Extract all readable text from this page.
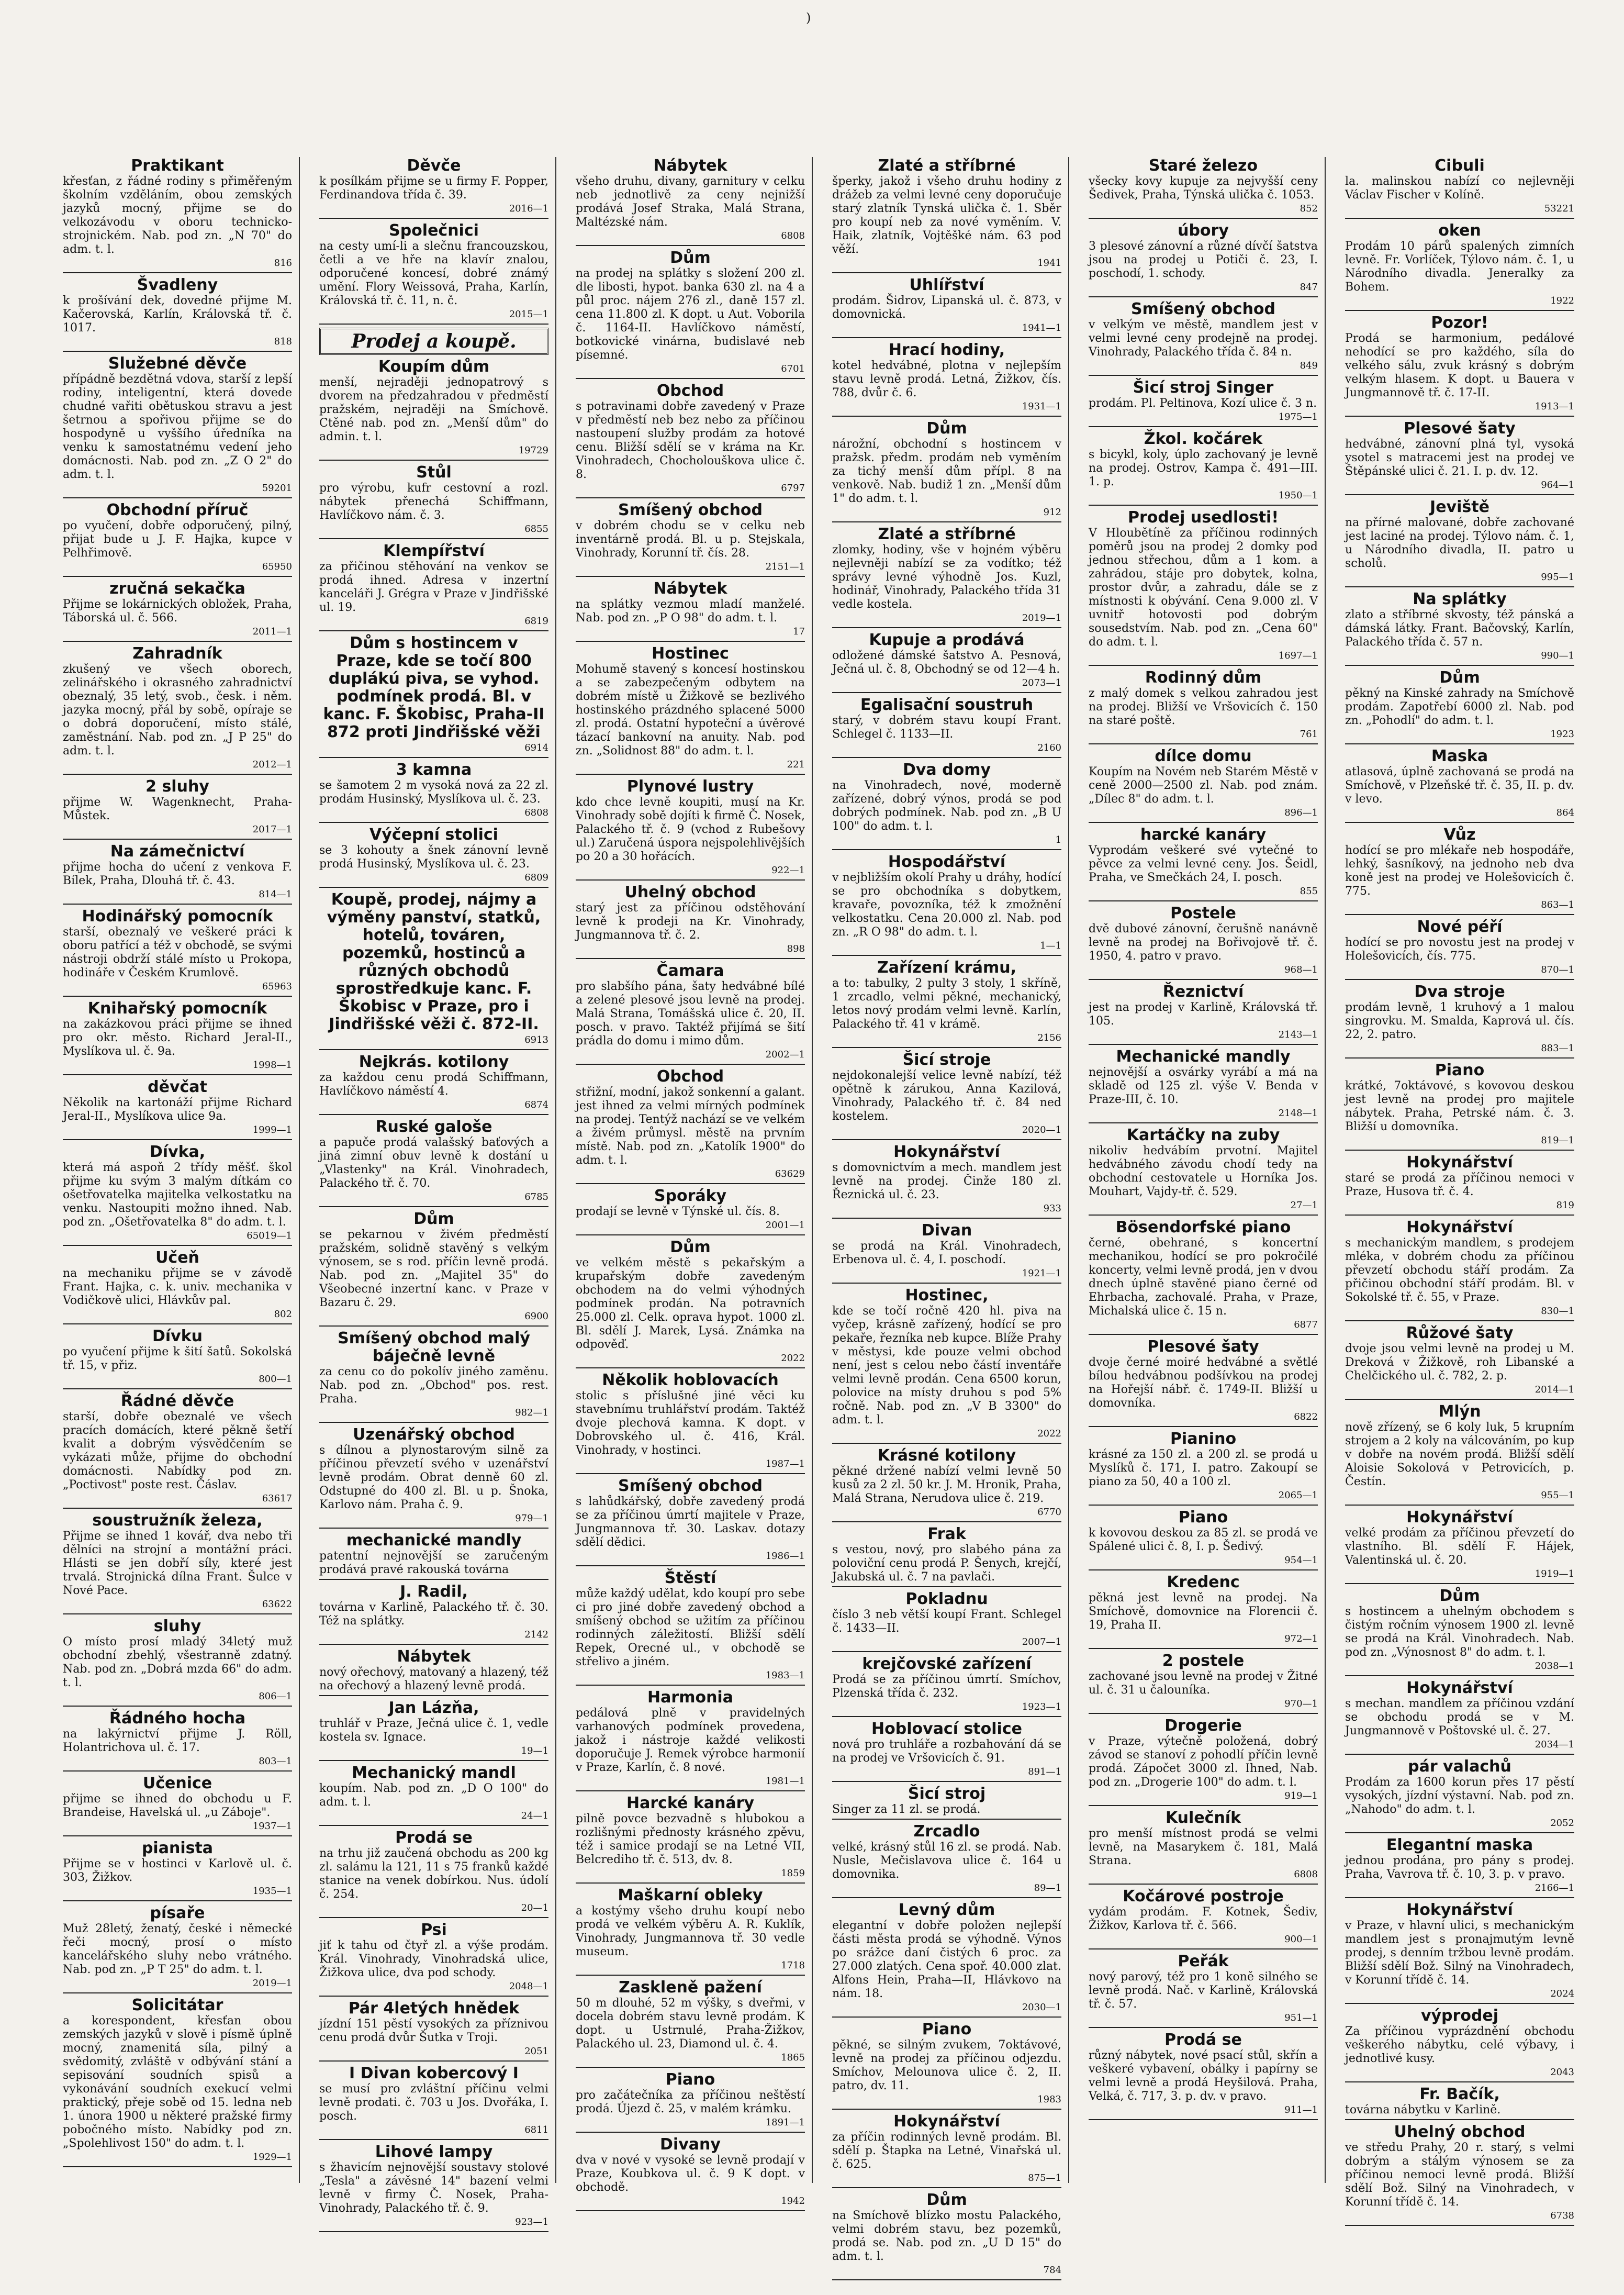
)
Praktikant

křesťan, z řádné rodiny s přiměřeným školním vzděláním, obou zemských jazyků mocný, přijme se do velkozávodu v oboru technicko-strojnickém. Nab. pod zn. „N 70" do adm. t. l.

816
Švadleny

k prošívání dek, dovedné přijme M. Kačerovská, Karlín, Královská tř. č. 1017.

818
Služebné děvče

přípádně bezdětná vdova, starší z lepší rodiny, inteligentní, která dovede chudné vařiti obětuskou stravu a jest šetrnou a spořivou přijme se do hospodyně u vyššího úředníka na venku k samostatnému vedení jeho domácnosti. Nab. pod zn. „Z O 2" do adm. t. l.

59201
Obchodní příruč

po vyučení, dobře odporučený, pilný, přijat bude u J. F. Hajka, kupce v Pelhřimově.

65950
zručná sekačka

Přijme se lokárnických obložek, Praha, Táborská ul. č. 566.

2011—1
Zahradník

zkušený ve všech oborech, zelinářského i okrasného zahradnictví obeznalý, 35 letý, svob., česk. i něm. jazyka mocný, přál by sobě, opíraje se o dobrá doporučení, místo stálé, zaměstnání. Nab. pod zn. „J P 25" do adm. t. l.

2012—1
2 sluhy

přijme W. Wagenknecht, Praha-Můstek.

2017—1
Na zámečnictví

přijme hocha do učení z venkova F. Bílek, Praha, Dlouhá tř. č. 43.

814—1
Hodinářský pomocník

starší, obeznalý ve veškeré práci k oboru patřící a též v obchodě, se svými nástroji obdrží stálé místo u Prokopa, hodináře v Českém Krumlově.

65963
Knihařský pomocník

na zakázkovou práci přijme se ihned pro okr. město. Richard Jeral-II., Myslíkova ul. č. 9a.

1998—1
děvčat

Několik na kartonáží přijme Richard Jeral-II., Myslíkova ulice 9a.

1999—1
Dívka,

která má aspoň 2 třídy měšť. škol přijme ku svým 3 malým dítkám co ošetřovatelka majitelka velkostatku na venku. Nastoupiti možno ihned. Nab. pod zn. „Ošetřovatelka 8" do adm. t. l.

65019—1
Učeň

na mechaniku přijme se v závodě Frant. Hajka, c. k. univ. mechanika v Vodičkově ulici, Hlávkův pal.

802
Dívku

po vyučení přijme k šití šatů. Sokolská tř. 15, v přiz.

800—1
Řádné děvče

starší, dobře obeznalé ve všech pracích domácích, které pěkně šetří kvalit a dobrým výsvědčením se vykázati může, přijme do obchodní domácnosti. Nabídky pod zn. „Poctivost" poste rest. Čáslav.

63617
soustružník železa,

Přijme se ihned 1 kovář, dva nebo tři dělníci na strojní a montážní práci. Hlásti se jen dobří síly, které jest trvalá. Strojnická dílna Frant. Šulce v Nové Pace.

63622
sluhy

O místo prosí mladý 34letý muž obchodní zbehlý, všestranně zdatný. Nab. pod zn. „Dobrá mzda 66" do adm. t. l.

806—1
Řádného hocha

na lakýrnictví přijme J. Röll, Holantrichova ul. č. 17.

803—1
Učenice

přijme se ihned do obchodu u F. Brandeise, Havelská ul. „u Záboje".

1937—1
pianista

Přijme se v hostinci v Karlově ul. č. 303, Žižkov.

1935—1
písaře

Muž 28letý, ženatý, české i německé řeči mocný, prosí o místo kancelářského sluhy nebo vrátného. Nab. pod zn. „P T 25" do adm. t. l.

2019—1
Solicitátar

a korespondent, křesťan obou zemských jazyků v slově i písmě úplně mocný, znamenitá síla, pilný a svědomitý, zvláště v odbývání stání a sepisování soudních spisů a vykonávání soudních exekucí velmi praktický, přeje sobě od 15. ledna neb 1. února 1900 u některé pražské firmy pobočného místo. Nabídky pod zn. „Spolehlivost 150" do adm. t. l.

1929—1
Děvče

k posílkám přijme se u firmy F. Popper, Ferdinandova třída č. 39.

2016—1
Společnici

na cesty umí-li a slečnu francouzskou, četli a ve hře na klavír znalou, odporučené koncesí, dobré známý umění. Flory Weissová, Praha, Karlín, Královská tř. č. 11, n. č.

2015—1
Prodej a koupě.
Koupím dům

menší, nejraději jednopatrový s dvorem na předzahradou v předměstí pražském, nejraději na Smíchově. Ctěné nab. pod zn. „Menší dům" do admin. t. l.

19729
Stůl

pro výrobu, kufr cestovní a rozl. nábytek přenechá Schiffmann, Havlíčkovo nám. č. 3.

6855
Klempířství

za přičinou stěhování na venkov se prodá ihned. Adresa v inzertní kanceláři J. Grégra v Praze v Jindřišské ul. 19.

6819
Dům s hostincem v Praze, kde se točí 800 duplákú piva, se vyhod. podmínek prodá. Bl. v kanc. F. Škobisc, Praha-II 872 proti Jindřišské věži
6914
3 kamna

se šamotem 2 m vysoká nová za 22 zl. prodám Husinský, Myslíkova ul. č. 23.

6808
Výčepní stolici

se 3 kohouty a šnek zánovní levně prodá Husinský, Myslíkova ul. č. 23.

6809
Koupě, prodej, nájmy a výměny panství, statků, hotelů, továren, pozemků, hostinců a různých obchodů sprostředkuje kanc. F. Škobisc v Praze, pro i Jindřišské věži č. 872-II.
6913
Nejkrás. kotilony

za každou cenu prodá Schiffmann, Havlíčkovo náměstí 4.

6874
Ruské galoše

a papuče prodá valašský baťových a jiná zimní obuv levně k dostání u „Vlastenky" na Král. Vinohradech, Palackého tř. č. 70.

6785
Dům

se pekarnou v živém předměstí pražském, solidně stavěný s velkým výnosem, se s rod. příčin levně prodá. Nab. pod zn. „Majitel 35" do Všeobecné inzertní kanc. v Praze v Bazaru č. 29.

6900
Smíšený obchod malý báječně levně

za cenu co do pokolív jiného zaměnu. Nab. pod zn. „Obchod" pos. rest. Praha.

982—1
Uzenářský obchod

s dílnou a plynostarovým silně za příčinou převzetí svého v uzenářství levně prodám. Obrat denně 60 zl. Odstupné do 400 zl. Bl. u p. Šnoka, Karlovo nám. Praha č. 9.

979—1
mechanické mandly

patentní nejnovější se zaručeným prodává pravé rakouská továrna

J. Radil,

továrna v Karlině, Palackého tř. č. 30. Též na splátky.

2142
Nábytek

nový ořechový, matovaný a hlazený, též na ořechový a hlazený levně prodá.

Jan Lázňa,

truhlář v Praze, Ječná ulice č. 1, vedle kostela sv. Ignace.

19—1
Mechanický mandl

koupím. Nab. pod zn. „D O 100" do adm. t. l.

24—1
Prodá se

na trhu již zaučená obchodu as 200 kg zl. salámu la 121, 11 s 75 franků každé stanice na venek dobírkou. Nus. údolí č. 254.

20—1
Psi

jiť k tahu od čtyř zl. a výše prodám. Král. Vinohrady, Vinohradská ulice, Žižkova ulice, dva pod schody.

2048—1
Pár 4letých hnědek

jízdní 151 pěstí vysokých za příznivou cenu prodá dvůr Šutka v Troji.

2051
I Divan kobercový I

se musí pro zvláštní příčinu velmi levně prodati. č. 703 u Jos. Dvořáka, I. posch.

6811
Lihové lampy

s žhavicím nejnovější soustavy stolové „Tesla" a závěsné 14" bazení velmi levně v firmy Č. Nosek, Praha-Vinohrady, Palackého tř. č. 9.

923—1
Nábytek

všeho druhu, divany, garnitury v celku neb jednotlivě za ceny nejnižší prodává Josef Straka, Malá Strana, Maltézské nám.

6808
Dům

na prodej na splátky s složení 200 zl. dle libosti, hypot. banka 630 zl. na 4 a půl proc. nájem 276 zl., daně 157 zl. cena 11.800 zl. K dopt. u Aut. Voborila č. 1164-II. Havlíčkovo náměstí, botkovické vinárna, budislavé neb písemné.

6701
Obchod

s potravinami dobře zavedený v Praze v předměstí neb bez nebo za příčinou nastoupení služby prodám za hotové cenu. Bližší sdělí se v kráma na Kr. Vinohradech, Chocholouškova ulice č. 8.

6797
Smíšený obchod

v dobrém chodu se v celku neb inventárně prodá. Bl. u p. Stejskala, Vinohrady, Korunní tř. čís. 28.

2151—1
Nábytek

na splátky vezmou mladí manželé. Nab. pod zn. „P O 98" do adm. t. l.

17
Hostinec

Mohumě stavený s koncesí hostinskou a se zabezpečeným odbytem na dobrém místě u Žižkově se bezlivého hostinského prázdného splacené 5000 zl. prodá. Ostatní hypoteční a úvěrové tázací bankovní na anuity. Nab. pod zn. „Solidnost 88" do adm. t. l.

221
Plynové lustry

kdo chce levně koupiti, musí na Kr. Vinohrady sobě dojíti k firmě Č. Nosek, Palackého tř. č. 9 (vchod z Rubešovy ul.) Zaručená úspora nejspolehlivějších po 20 a 30 hořácích.

922—1
Uhelný obchod

starý jest za příčinou odstěhování levně k prodeji na Kr. Vinohrady, Jungmannova tř. č. 2.

898
Čamara

pro slabšího pána, šaty hedvábné bílé a zelené plesové jsou levně na prodej. Malá Strana, Tomášská ulice č. 20, II. posch. v pravo. Taktéž přijímá se šití prádla do domu i mimo dům.

2002—1
Obchod

střižní, modní, jakož sonkenní a galant. jest ihned za velmi mírných podmínek na prodej. Tentýž nachází se ve velkém a živém průmysl. městě na prvním místě. Nab. pod zn. „Katolík 1900" do adm. t. l.

63629
Sporáky

prodají se levně v Týnské ul. čís. 8.

2001—1
Dům

ve velkém městě s pekařským a krupařským dobře zavedeným obchodem na do velmi výhodných podmínek prodán. Na potravních 25.000 zl. Celk. oprava hypot. 1000 zl. Bl. sdělí J. Marek, Lysá. Známka na odpověď.

2022
Několik hoblovacích

stolic s příslušné jiné věci ku stavebnímu truhlářství prodám. Taktéž dvoje plechová kamna. K dopt. v Dobrovského ul. č. 416, Král. Vinohrady, v hostinci.

1987—1
Smíšený obchod

s lahůdkářský, dobře zavedený prodá se za příčinou úmrtí majitele v Praze, Jungmannova tř. 30. Laskav. dotazy sdělí dědici.

1986—1
Štěstí

může každý udělat, kdo koupí pro sebe ci pro jiné dobře zavedený obchod a smíšený obchod se užitím za příčinou rodinných záležitostí. Bližší sdělí Repek, Orecné ul., v obchodě se střelivo a jiném.

1983—1
Harmonia

pedálová plně v pravidelných varhanových podmínek provedena, jakož i nástroje každé velikosti doporučuje J. Remek výrobce harmonií v Praze, Karlín, č. 8 nové.

1981—1
Harcké kanáry

pilně povce bezvadně s hlubokou a rozlišnými přednosty krásného zpěvu, též i samice prodají se na Letné VII, Belcrediho tř. č. 513, dv. 8.

1859
Maškarní obleky

a kostýmy všeho druhu koupí nebo prodá ve velkém výběru A. R. Kuklík, Vinohrady, Jungmannova tř. 30 vedle museum.

1718
Zaskleně pažení

50 m dlouhé, 52 m výšky, s dveřmi, v docela dobrém stavu levně prodám. K dopt. u Ustrnulé, Praha-Žižkov, Palackého ul. 23, Diamond ul. č. 4.

1865
Piano

pro začátečníka za příčinou neštěstí prodá. Újezd č. 25, v malém krámku.

1891—1
Divany

dva v nové v vysoké se levně prodají v Praze, Koubkova ul. č. 9 K dopt. v obchodě.

1942
Zlaté a stříbrné

šperky, jakož i všeho druhu hodiny z drážeb za velmi levné ceny doporučuje starý zlatník Tynská ulička č. 1. Sběr pro koupí neb za nové vyměním. V. Haik, zlatník, Vojtěšké nám. 63 pod věží.

1941
Uhlířství

prodám. Šidrov, Lipanská ul. č. 873, v domovnická.

1941—1
Hrací hodiny,

kotel hedvábné, plotna v nejlepším stavu levně prodá. Letná, Žižkov, čís. 788, dvůr č. 6.

1931—1
Dům

nárožní, obchodní s hostincem v pražsk. předm. prodám neb vyměním za tichý menší dům přípl. 8 na venkově. Nab. budiž 1 zn. „Menší dům 1" do adm. t. l.

912
Zlaté a stříbrné

zlomky, hodiny, vše v hojném výběru nejlevněji nabízí se za vodítko; též správy levné výhodně Jos. Kuzl, hodinář, Vinohrady, Palackého třída 31 vedle kostela.

2019—1
Kupuje a prodává

odložené dámské šatstvo A. Pesnová, Ječná ul. č. 8, Obchodný se od 12—4 h.

2073—1
Egalisační soustruh

starý, v dobrém stavu koupí Frant. Schlegel č. 1133—II.

2160
Dva domy

na Vinohradech, nové, moderně zařízené, dobrý výnos, prodá se pod dobrých podmínek. Nab. pod zn. „B U 100" do adm. t. l.

1
Hospodářství

v nejbližším okolí Prahy u dráhy, hodící se pro obchodníka s dobytkem, kravaře, povozníka, též k zmožnění velkostatku. Cena 20.000 zl. Nab. pod zn. „R O 98" do adm. t. l.

1—1
Zařízení krámu,

a to: tabulky, 2 pulty 3 stoly, 1 skříně, 1 zrcadlo, velmi pěkné, mechanický, letos nový prodám velmi levně. Karlín, Palackého tř. 41 v krámě.

2156
Šicí stroje

nejdokonalejší velice levně nabízí, též opětně k zárukou, Anna Kazilová, Vinohrady, Palackého tř. č. 84 ned kostelem.

2020—1
Hokynářství

s domovnictvím a mech. mandlem jest levně na prodej. Činže 180 zl. Řeznická ul. č. 23.

933
Divan

se prodá na Král. Vinohradech, Erbenova ul. č. 4, I. poschodí.

1921—1
Hostinec,

kde se točí ročně 420 hl. piva na vyčep, krásně zařízený, hodící se pro pekaře, řezníka neb kupce. Blíže Prahy v městysi, kde pouze velmi obchod není, jest s celou nebo částí inventáře velmi levně prodán. Cena 6500 korun, polovice na místy druhou s pod 5% ročně. Nab. pod zn. „V B 3300" do adm. t. l.

2022
Krásné kotilony

pěkné držené nabízí velmi levně 50 kusů za 2 zl. 50 kr. J. M. Hronik, Praha, Malá Strana, Nerudova ulice č. 219.

6770
Frak

s vestou, nový, pro slabého pána za poloviční cenu prodá P. Šenych, krejčí, Jakubská ul. č. 7 na pavlači.

Pokladnu

číslo 3 neb větší koupí Frant. Schlegel č. 1433—II.

2007—1
krejčovské zařízení

Prodá se za příčinou úmrtí. Smíchov, Plzenská třída č. 232.

1923—1
Hoblovací stolice

nová pro truhláře a rozbahování dá se na prodej ve Vršovicích č. 91.

891—1
Šicí stroj

Singer za 11 zl. se prodá.

Zrcadlo

velké, krásný stůl 16 zl. se prodá. Nab. Nusle, Mečislavova ulice č. 164 u domovnika.

89—1
Levný dům

elegantní v dobře položen nejlepší části města prodá se výhodně. Výnos po srážce daní čistých 6 proc. za 27.000 zlatých. Cena spoř. 40.000 zlat. Alfons Hein, Praha—II, Hlávkovo na nám. 18.

2030—1
Piano

pěkné, se silným zvukem, 7oktávové, levně na prodej za příčinou odjezdu. Smíchov, Melounova ulice č. 2, II. patro, dv. 11.

1983
Hokynářství

za příčin rodinných levně prodám. Bl. sdělí p. Štapka na Letné, Vinařská ul. č. 625.

875—1
Dům

na Smíchově blízko mostu Palackého, velmi dobrém stavu, bez pozemků, prodá se. Nab. pod zn. „U D 15" do adm. t. l.

784
Staré železo

všecky kovy kupuje za nejvyšší ceny Šedivek, Praha, Týnská ulička č. 1053.

852
úbory

3 plesové zánovní a různé dívčí šatstva jsou na prodej u Potiči č. 23, I. poschodí, 1. schody.

847
Smíšený obchod

v velkým ve městě, mandlem jest v velmi levné ceny prodejně na prodej. Vinohrady, Palackého třída č. 84 n.

849
Šicí stroj Singer

prodám. Pl. Peltinova, Kozí ulice č. 3 n.

1975—1
Žkol. kočárek

s bicykl, koly, úplo zachovaný je levně na prodej. Ostrov, Kampa č. 491—III. 1. p.

1950—1
Prodej usedlosti!

V Hloubětíně za příčinou rodinných poměrů jsou na prodej 2 domky pod jednou střechou, dům a 1 kom. a zahrádou, stáje pro dobytek, kolna, prostor dvůr, a zahradu, dále se z místnosti k obývání. Cena 9.000 zl. V uvnitř hotovosti pod dobrým sousedstvím. Nab. pod zn. „Cena 60" do adm. t. l.

1697—1
Rodinný dům

z malý domek s velkou zahradou jest na prodej. Bližší ve Vršovicích č. 150 na staré poště.

761
dílce domu

Koupím na Novém neb Starém Městě v ceně 2000—2500 zl. Nab. pod znám. „Dílec 8" do adm. t. l.

896—1
harcké kanáry

Vyprodám veškeré své vytečné to pěvce za velmi levné ceny. Jos. Šeidl, Praha, ve Smečkách 24, I. posch.

855
Postele

dvě dubové zánovní, čerušně nanávně levně na prodej na Bořivojově tř. č. 1950, 4. patro v pravo.

968—1
Řeznictví

jest na prodej v Karlině, Královská tř. 105.

2143—1
Mechanické mandly

nejnovější a osvárky vyrábí a má na skladě od 125 zl. výše V. Benda v Praze-III, č. 10.

2148—1
Kartáčky na zuby

nikoliv hedvábím prvotní. Majitel hedvábného závodu chodí tedy na obchodní cestovatele u Horníka Jos. Mouhart, Vajdy-tř. č. 529.

27—1
Bösendorfské piano

černé, obehrané, s koncertní mechanikou, hodící se pro pokročilé koncerty, velmi levně prodá, jen v dvou dnech úplně stavěné piano černé od Ehrbacha, zachovalé. Praha, v Praze, Michalská ulice č. 15 n.

6877
Plesové šaty

dvoje černé moiré hedvábné a světlé bílou hedvábnou podšívkou na prodej na Hořejší nábř. č. 1749-II. Bližší u domovníka.

6822
Pianino

krásné za 150 zl. a 200 zl. se prodá u Myslíků č. 171, I. patro. Zakoupí se piano za 50, 40 a 100 zl.

2065—1
Piano

k kovovou deskou za 85 zl. se prodá ve Spálené ulici č. 8, I. p. Šedivý.

954—1
Kredenc

pěkná jest levně na prodej. Na Smíchově, domovnice na Florencii č. 19, Praha II.

972—1
2 postele

zachované jsou levně na prodej v Žitné ul. č. 31 u čalouníka.

970—1
Drogerie

v Praze, výtečně položená, dobrý závod se stanoví z pohodlí příčin levně prodá. Zápočet 3000 zl. Ihned, Nab. pod zn. „Drogerie 100" do adm. t. l.

919—1
Kulečník

pro menší místnost prodá se velmi levně, na Masarykem č. 181, Malá Strana.

6808
Kočárové postroje

vydám prodám. F. Kotnek, Šediv, Žižkov, Karlova tř. č. 566.

900—1
Peřák

nový parový, též pro 1 koně silného se levně prodá. Nač. v Karlině, Královská tř. č. 57.

951—1
Prodá se

různý nábytek, nové psací stůl, skřín a veškeré vybavení, obálky i papírny se velmi levně a prodá Heyšilová. Praha, Velká, č. 717, 3. p. dv. v pravo.

911—1
Cibuli

la. malinskou nabízí co nejlevněji Václav Fischer v Kolíně.

53221
oken

Prodám 10 párů spalených zimních levně. Fr. Vorlíček, Týlovo nám. č. 1, u Národního divadla. Jeneralky za Bohem.

1922
Pozor!

Prodá se harmonium, pedálové nehodící se pro každého, síla do velkého sálu, zvuk krásný s dobrým velkým hlasem. K dopt. u Bauera v Jungmannově tř. č. 17-II.

1913—1
Plesové šaty

hedvábné, zánovní plná tyl, vysoká ysotel s matracemi jest na prodej ve Štěpánské ulici č. 21. I. p. dv. 12.

964—1
Jeviště

na přírné malované, dobře zachované jest laciné na prodej. Týlovo nám. č. 1, u Národního divadla, II. patro u scholů.

995—1
Na splátky

zlato a stříbrné skvosty, též pánská a dámská látky. Frant. Bačovský, Karlín, Palackého třída č. 57 n.

990—1
Dům

pěkný na Kinské zahrady na Smíchově prodám. Zapotřebí 6000 zl. Nab. pod zn. „Pohodlí" do adm. t. l.

1923
Maska

atlasová, úplně zachovaná se prodá na Smíchově, v Plzeňské tř. č. 35, II. p. dv. v levo.

864
Vůz

hodící se pro mlékaře neb hospodáře, lehký, šasníkový, na jednoho neb dva koně jest na prodej ve Holešovicích č. 775.

863—1
Nové péří

hodící se pro novostu jest na prodej v Holešovicích, čís. 775.

870—1
Dva stroje

prodám levně, 1 kruhový a 1 malou singrovku. M. Smalda, Kaprová ul. čís. 22, 2. patro.

883—1
Piano

krátké, 7oktávové, s kovovou deskou jest levně na prodej pro majitele nábytek. Praha, Petrské nám. č. 3. Bližší u domovníka.

819—1
Hokynářství

staré se prodá za příčinou nemoci v Praze, Husova tř. č. 4.

819
Hokynářství

s mechanickým mandlem, s prodejem mléka, v dobrém chodu za příčinou převzetí obchodu stáří prodám. Za přičinou obchodní stáří prodám. Bl. v Sokolské tř. č. 55, v Praze.

830—1
Růžové šaty

dvoje jsou velmi levně na prodej u M. Dreková v Žižkově, roh Libanské a Chelčického ul. č. 782, 2. p.

2014—1
Mlýn

nově zřízený, se 6 koly luk, 5 krupním strojem a 2 koly na válcováním, po kup v dobře na novém prodá. Bližší sdělí Aloisie Sokolová v Petrovicích, p. Čestín.

955—1
Hokynářství

velké prodám za příčinou převzetí do vlastního. Bl. sdělí F. Hájek, Valentinská ul. č. 20.

1919—1
Dům

s hostincem a uhelným obchodem s čistým ročním výnosem 1900 zl. levně se prodá na Král. Vinohradech. Nab. pod zn. „Výnosnost 8" do adm. t. l.

2038—1
Hokynářství

s mechan. mandlem za příčinou vzdání se obchodu prodá se v M. Jungmannově v Poštovské ul. č. 27.

2034—1
pár valachů

Prodám za 1600 korun přes 17 pěstí vysokých, jízdní výstavní. Nab. pod zn. „Nahodo" do adm. t. l.

2052
Elegantní maska

jednou prodána, pro pány s prodej. Praha, Vavrova tř. č. 10, 3. p. v pravo.

2166—1
Hokynářství

v Praze, v hlavní ulici, s mechanickým mandlem jest s pronajmutým levně prodej, s denním tržbou levně prodám. Bližší sdělí Bož. Silný na Vinohradech, v Korunní třídě č. 14.

2024
výprodej

Za příčinou vyprázdnění obchodu veškerého nábytku, celé výbavy, i jednotlivé kusy.

2043
Fr. Bačík,

továrna nábytku v Karlině.

Uhelný obchod

ve středu Prahy, 20 r. starý, s velmi dobrým a stálým výnosem se za příčinou nemoci levně prodá. Bližší sdělí Bož. Silný na Vinohradech, v Korunní třídě č. 14.

6738
